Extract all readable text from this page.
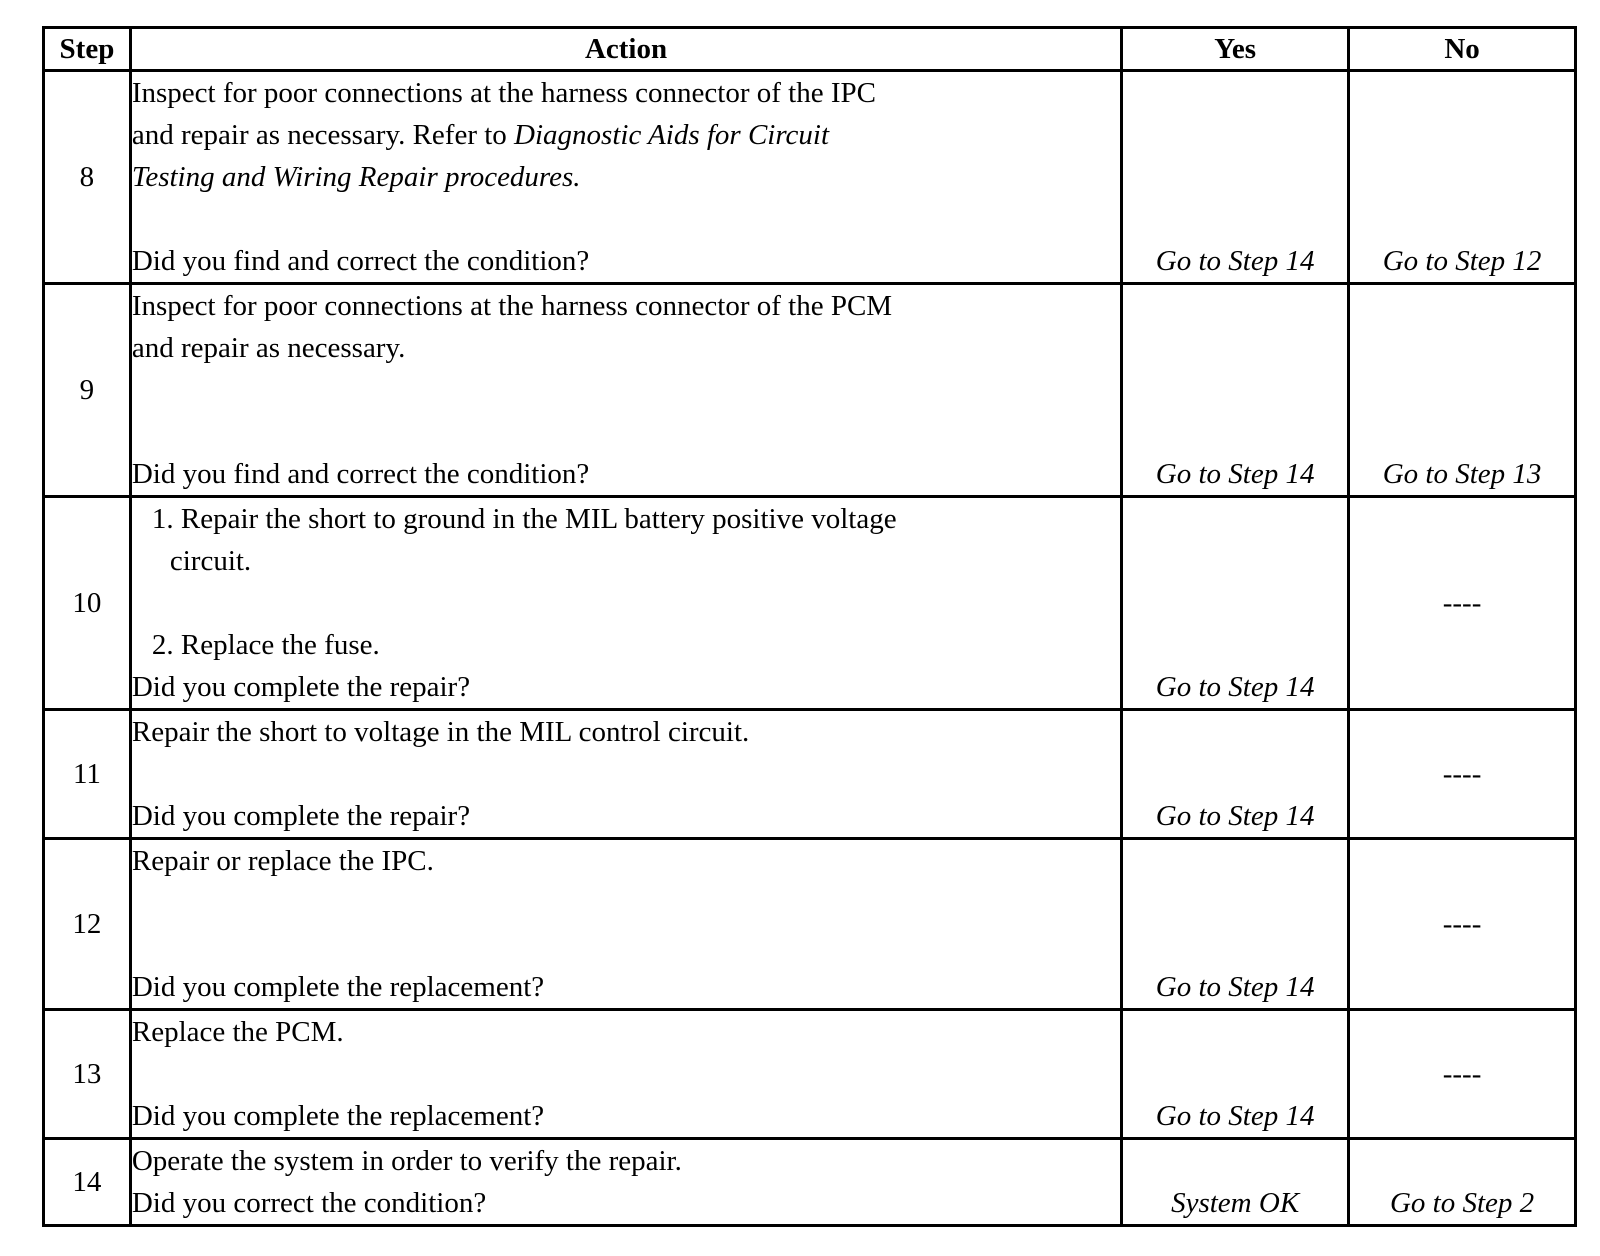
Step	Action	Yes	No
8	Inspect for poor connections at the harness connector of the IPC
and repair as necessary. Refer to Diagnostic Aids for Circuit
Testing and Wiring Repair procedures.
Did you find and correct the condition?	Go to Step 14	Go to Step 12
9	Inspect for poor connections at the harness connector of the PCM
and repair as necessary.
Did you find and correct the condition?	Go to Step 14	Go to Step 13
10	1. Repair the short to ground in the MIL battery positive voltage
circuit.
2. Replace the fuse.
Did you complete the repair?	Go to Step 14	----
11	Repair the short to voltage in the MIL control circuit.
Did you complete the repair?	Go to Step 14	----
12	Repair or replace the IPC.
Did you complete the replacement?	Go to Step 14	----
13	Replace the PCM.
Did you complete the replacement?	Go to Step 14	----
14	Operate the system in order to verify the repair.
Did you correct the condition?	System OK	Go to Step 2
